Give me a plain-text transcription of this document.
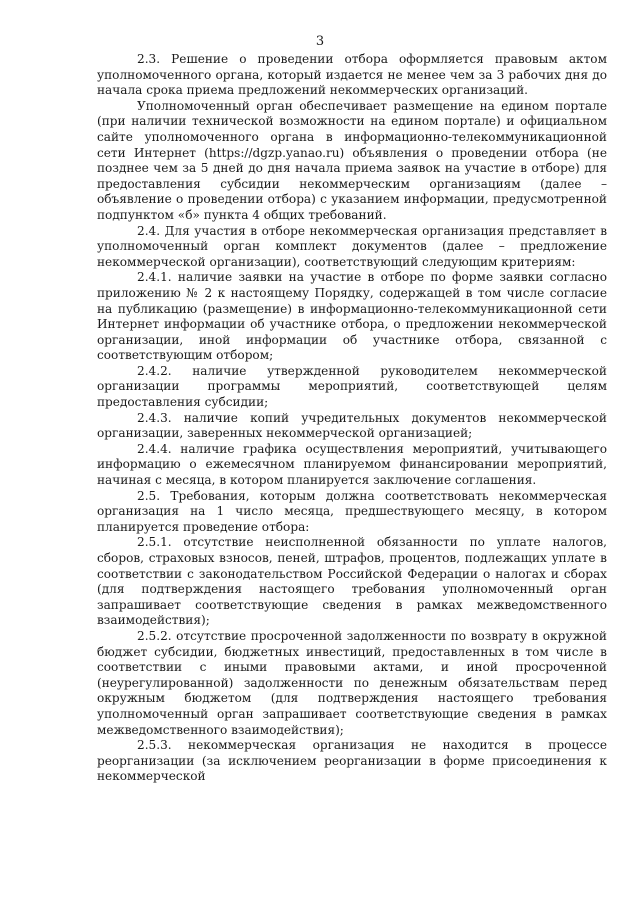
3

2.3. Решение о проведении отбора оформляется правовым актом уполномоченного органа, который издается не менее чем за 3 рабочих дня до начала срока приема предложений некоммерческих организаций.

Уполномоченный орган обеспечивает размещение на едином портале (при наличии технической возможности на едином портале) и официальном сайте уполномоченного органа в информационно-телекоммуникационной сети Интернет (https://dgzp.yanao.ru) объявления о проведении отбора (не позднее чем за 5 дней до дня начала приема заявок на участие в отборе) для предоставления субсидии некоммерческим организациям (далее – объявление о проведении отбора) с указанием информации, предусмотренной подпунктом «б» пункта 4 общих требований.

2.4. Для участия в отборе некоммерческая организация представляет в уполномоченный орган комплект документов (далее – предложение некоммерческой организации), соответствующий следующим критериям:

2.4.1. наличие заявки на участие в отборе по форме заявки согласно приложению № 2 к настоящему Порядку, содержащей в том числе согласие на публикацию (размещение) в информационно-телекоммуникационной сети Интернет информации об участнике отбора, о предложении некоммерческой организации, иной информации об участнике отбора, связанной с соответствующим отбором;

2.4.2. наличие утвержденной руководителем некоммерческой организации программы мероприятий, соответствующей целям предоставления субсидии;

2.4.3. наличие копий учредительных документов некоммерческой организации, заверенных некоммерческой организацией;

2.4.4. наличие графика осуществления мероприятий, учитывающего информацию о ежемесячном планируемом финансировании мероприятий, начиная с месяца, в котором планируется заключение соглашения.

2.5. Требования, которым должна соответствовать некоммерческая организация на 1 число месяца, предшествующего месяцу, в котором планируется проведение отбора:

2.5.1. отсутствие неисполненной обязанности по уплате налогов, сборов, страховых взносов, пеней, штрафов, процентов, подлежащих уплате в соответствии с законодательством Российской Федерации о налогах и сборах (для подтверждения настоящего требования уполномоченный орган запрашивает соответствующие сведения в рамках межведомственного взаимодействия);

2.5.2. отсутствие просроченной задолженности по возврату в окружной бюджет субсидии, бюджетных инвестиций, предоставленных в том числе в соответствии с иными правовыми актами, и иной просроченной (неурегулированной) задолженности по денежным обязательствам перед окружным бюджетом (для подтверждения настоящего требования уполномоченный орган запрашивает соответствующие сведения в рамках межведомственного взаимодействия);

2.5.3. некоммерческая организация не находится в процессе реорганизации (за исключением реорганизации в форме присоединения к некоммерческой
